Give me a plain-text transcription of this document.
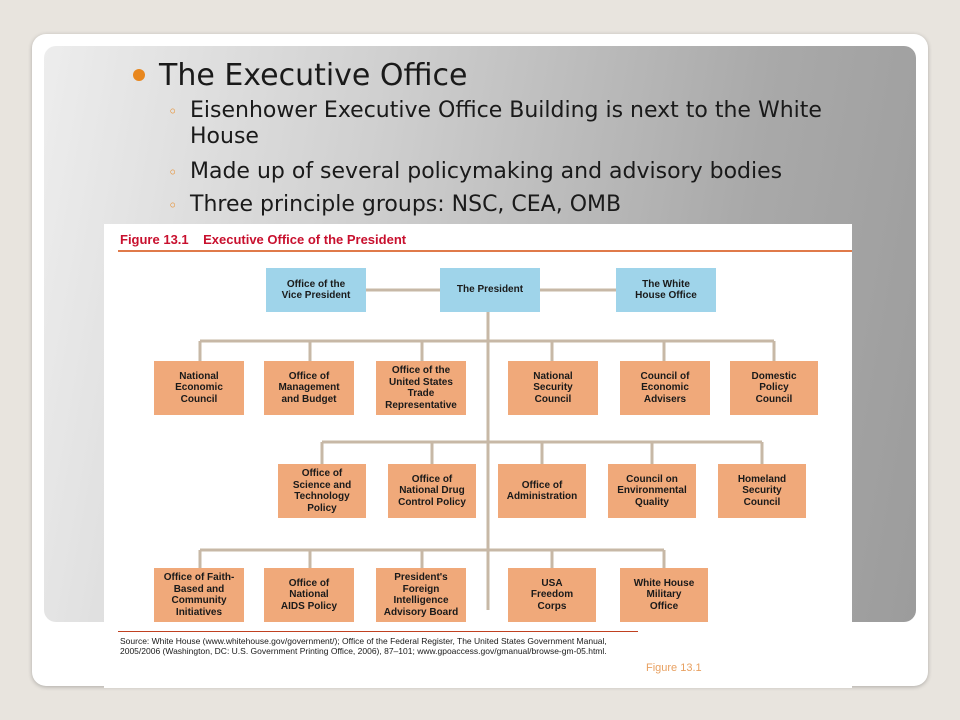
The Executive Office
◦ Eisenhower Executive Office Building is next to the White House
◦ Made up of several policymaking and advisory bodies
◦ Three principle groups: NSC, CEA, OMB
Figure 13.1    Executive Office of the President
Office of the
Vice President
The President
The White
House Office
National
Economic
Council
Office of
Management
and Budget
Office of the
United States
Trade
Representative
National
Security
Council
Council of
Economic
Advisers
Domestic
Policy
Council
Office of
Science and
Technology
Policy
Office of
National Drug
Control Policy
Office of
Administration
Council on
Environmental
Quality
Homeland
Security
Council
Office of Faith-
Based and
Community
Initiatives
Office of
National
AIDS Policy
President's
Foreign
Intelligence
Advisory Board
USA
Freedom
Corps
White House
Military
Office
Source: White House (www.whitehouse.gov/government/); Office of the Federal Register, The United States Government Manual, 2005/2006 (Washington, DC: U.S. Government Printing Office, 2006), 87–101; www.gpoaccess.gov/gmanual/browse-gm-05.html.
Figure 13.1
